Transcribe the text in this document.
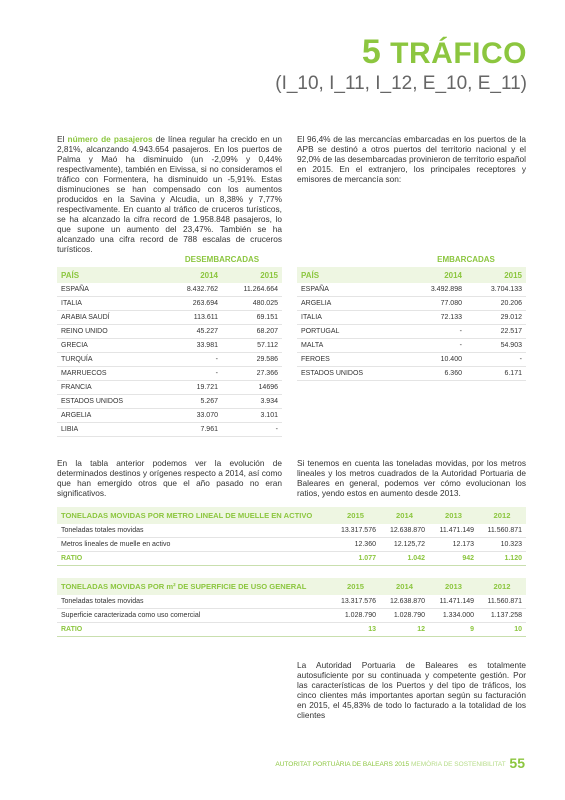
5 TRÁFICO
(I_10, I_11, I_12, E_10, E_11)
El número de pasajeros de línea regular ha crecido en un 2,81%, alcanzando 4.943.654 pasajeros. En los puertos de Palma y Maó ha disminuido (un -2,09% y 0,44% respectivamente), también en Eivissa, si no consideramos el tráfico con Formentera, ha disminuido un -5,91%. Estas disminuciones se han compensado con los aumentos producidos en la Savina y Alcudia, un 8,38% y 7,77% respectivamente. En cuanto al tráfico de cruceros turísticos, se ha alcanzado la cifra record de 1.958.848 pasajeros, lo que supone un aumento del 23,47%. También se ha alcanzado una cifra record de 788 escalas de cruceros turísticos.
El 96,4% de las mercancías embarcadas en los puertos de la APB se destinó a otros puertos del territorio nacional y el 92,0% de las desembarcadas provinieron de territorio español en 2015. En el extranjero, los principales receptores y emisores de mercancía son:
	DESEMBARCADAS	
PAÍS	2014	2015
ESPAÑA	8.432.762	11.264.664
ITALIA	263.694	480.025
ARABIA SAUDÍ	113.611	69.151
REINO UNIDO	45.227	68.207
GRECIA	33.981	57.112
TURQUÍA	-	29.586
MARRUECOS	-	27.366
FRANCIA	19.721	14696
ESTADOS UNIDOS	5.267	3.934
ARGELIA	33.070	3.101
LIBIA	7.961	-
	EMBARCADAS	
PAÍS	2014	2015
ESPAÑA	3.492.898	3.704.133
ARGELIA	77.080	20.206
ITALIA	72.133	29.012
PORTUGAL	-	22.517
MALTA	-	54.903
FEROES	10.400	-
ESTADOS UNIDOS	6.360	6.171
En la tabla anterior podemos ver la evolución de determinados destinos y orígenes respecto a 2014, así como que han emergido otros que el año pasado no eran significativos.
Si tenemos en cuenta las toneladas movidas, por los metros lineales y los metros cuadrados de la Autoridad Portuaria de Baleares en general, podemos ver cómo evolucionan los ratios, yendo estos en aumento desde 2013.
TONELADAS MOVIDAS POR METRO LINEAL DE MUELLE EN ACTIVO	2015	2014	2013	2012
Toneladas totales movidas	13.317.576	12.638.870	11.471.149	11.560.871
Metros lineales de muelle en activo	12.360	12.125,72	12.173	10.323
RATIO	1.077	1.042	942	1.120
TONELADAS MOVIDAS POR m² DE SUPERFICIE DE USO GENERAL	2015	2014	2013	2012
Toneladas totales movidas	13.317.576	12.638.870	11.471.149	11.560.871
Superficie caracterizada como uso comercial	1.028.790	1.028.790	1.334.000	1.137.258
RATIO	13	12	9	10
La Autoridad Portuaria de Baleares es totalmente autosuficiente por su continuada y competente gestión. Por las características de los Puertos y del tipo de tráficos, los cinco clientes más importantes aportan según su facturación en 2015, el 45,83% de todo lo facturado a la totalidad de los clientes
AUTORITAT PORTUÀRIA DE BALEARS 2015 MEMÒRIA DE SOSTENIBILITAT 55
